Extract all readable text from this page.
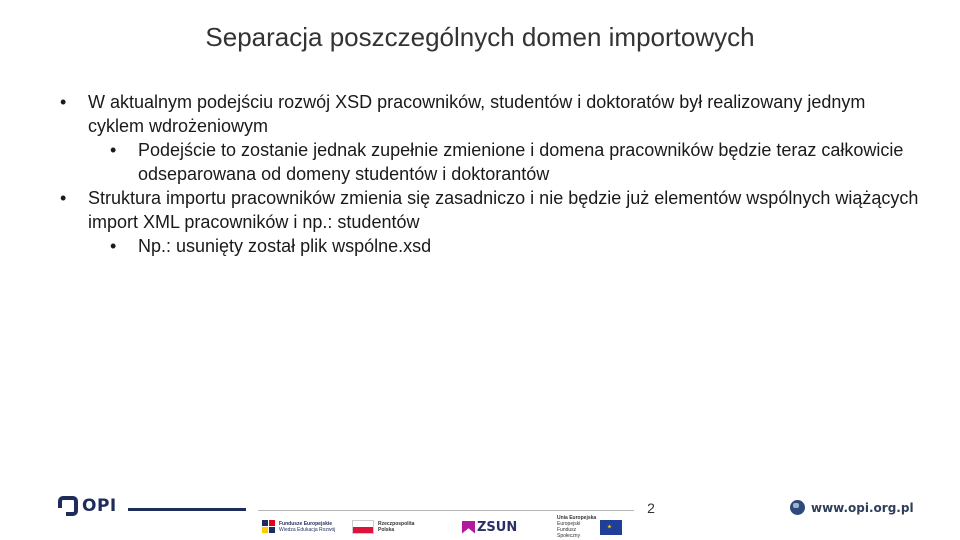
Separacja poszczególnych domen importowych
•	W aktualnym podejściu rozwój XSD pracowników, studentów i doktoratów był realizowany jednym cyklem wdrożeniowym
•	Podejście to zostanie jednak zupełnie zmienione i domena pracowników będzie teraz całkowicie odseparowana od domeny studentów i doktorantów
•	Struktura importu pracowników zmienia się zasadniczo i nie będzie już elementów wspólnych wiążących import XML pracowników i np.: studentów
•	Np.: usunięty został plik wspólne.xsd
OPI	2
Fundusze Europejskie
Wiedza Edukacja Rozwój
Rzeczpospolita Polska	ZSUN
Unia Europejska
Europejski Fundusz Społeczny
⋆
www.opi.org.pl
